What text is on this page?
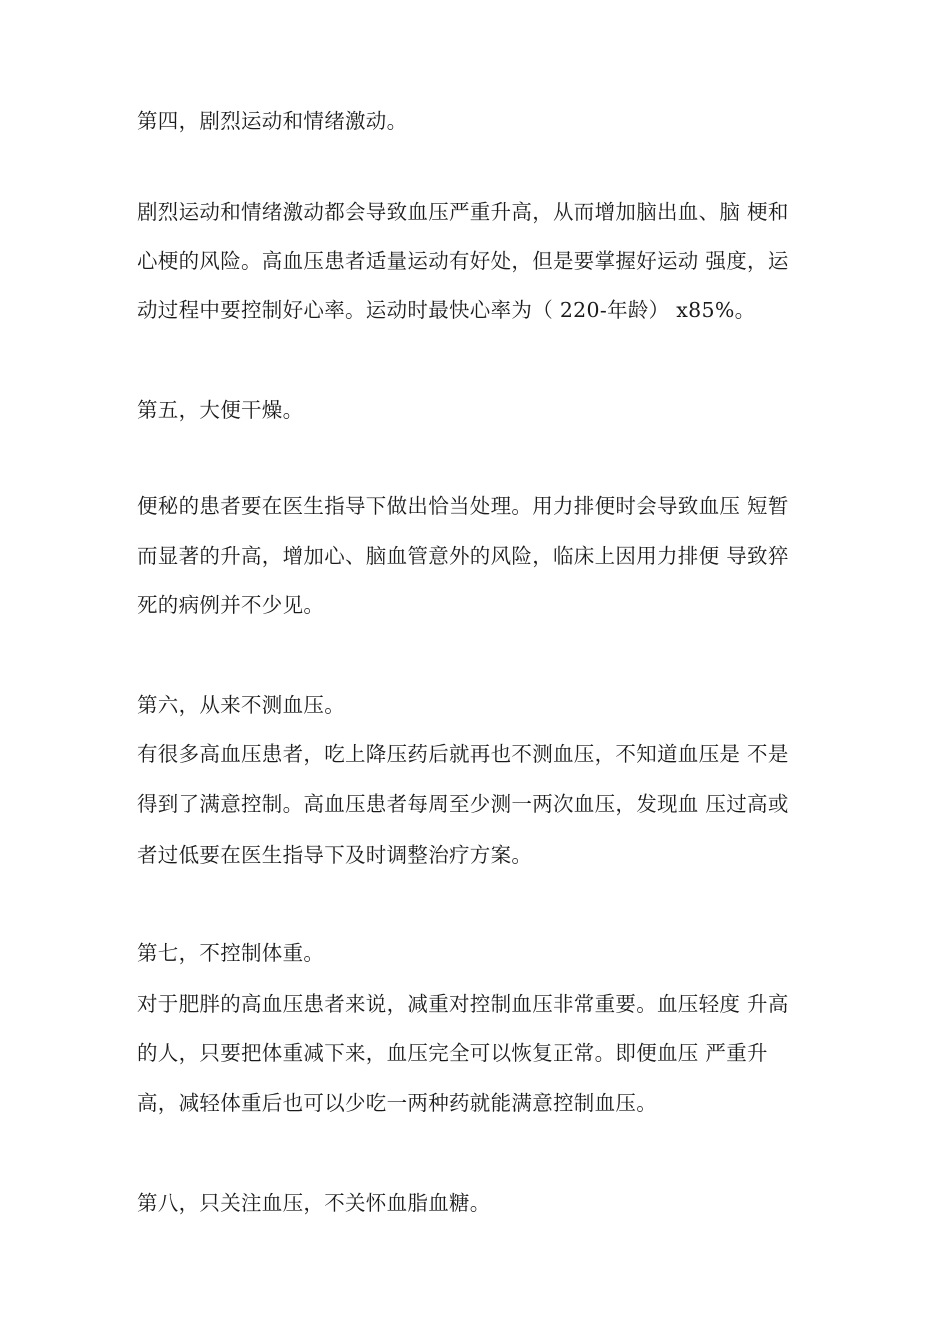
第四，剧烈运动和情绪激动。
剧烈运动和情绪激动都会导致血压严重升高，从而增加脑出血、脑 梗和
心梗的风险。高血压患者适量运动有好处，但是要掌握好运动 强度，运
动过程中要控制好心率。运动时最快心率为（ 220-年龄） x85%。
第五，大便干燥。
便秘的患者要在医生指导下做出恰当处理。用力排便时会导致血压 短暂
而显著的升高，增加心、脑血管意外的风险，临床上因用力排便 导致猝
死的病例并不少见。
第六，从来不测血压。
有很多高血压患者，吃上降压药后就再也不测血压，不知道血压是 不是
得到了满意控制。高血压患者每周至少测一两次血压，发现血 压过高或
者过低要在医生指导下及时调整治疗方案。
第七，不控制体重。
对于肥胖的高血压患者来说，减重对控制血压非常重要。血压轻度 升高
的人，只要把体重减下来，血压完全可以恢复正常。即便血压 严重升
高，减轻体重后也可以少吃一两种药就能满意控制血压。
第八，只关注血压，不关怀血脂血糖。
